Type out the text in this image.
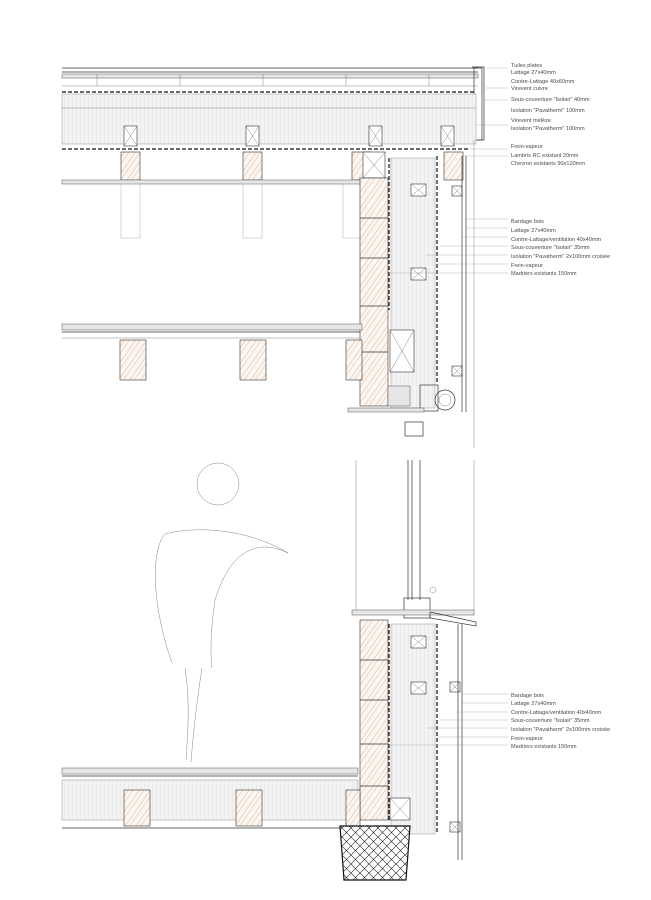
Tuiles plates
Lattage 27x40mm
Contre-Lattage 40x60mm
Virevent cuivre
Sous-couverture "Isolair" 40mm
Isolation "Pavatherm" 100mm
Virevent mélèze
Isolation "Pavatherm" 100mm
Frein-vapeur
Lambris RC existant 20mm
Chevron existants 90x120mm
Bardage bois
Lattage 27x40mm
Contre-Lattage/ventilation 40x40mm
Sous-couverture "Isolair" 35mm
Isolation "Pavatherm" 2x100mm croisée
Frein-vapeur
Madriers existants 150mm
Bardage bois
Lattage 27x40mm
Contre-Lattage/ventilation 40x40mm
Sous-couverture "Isolair" 35mm
Isolation "Pavatherm" 2x100mm croisée
Frein-vapeur
Madriers existants 150mm
